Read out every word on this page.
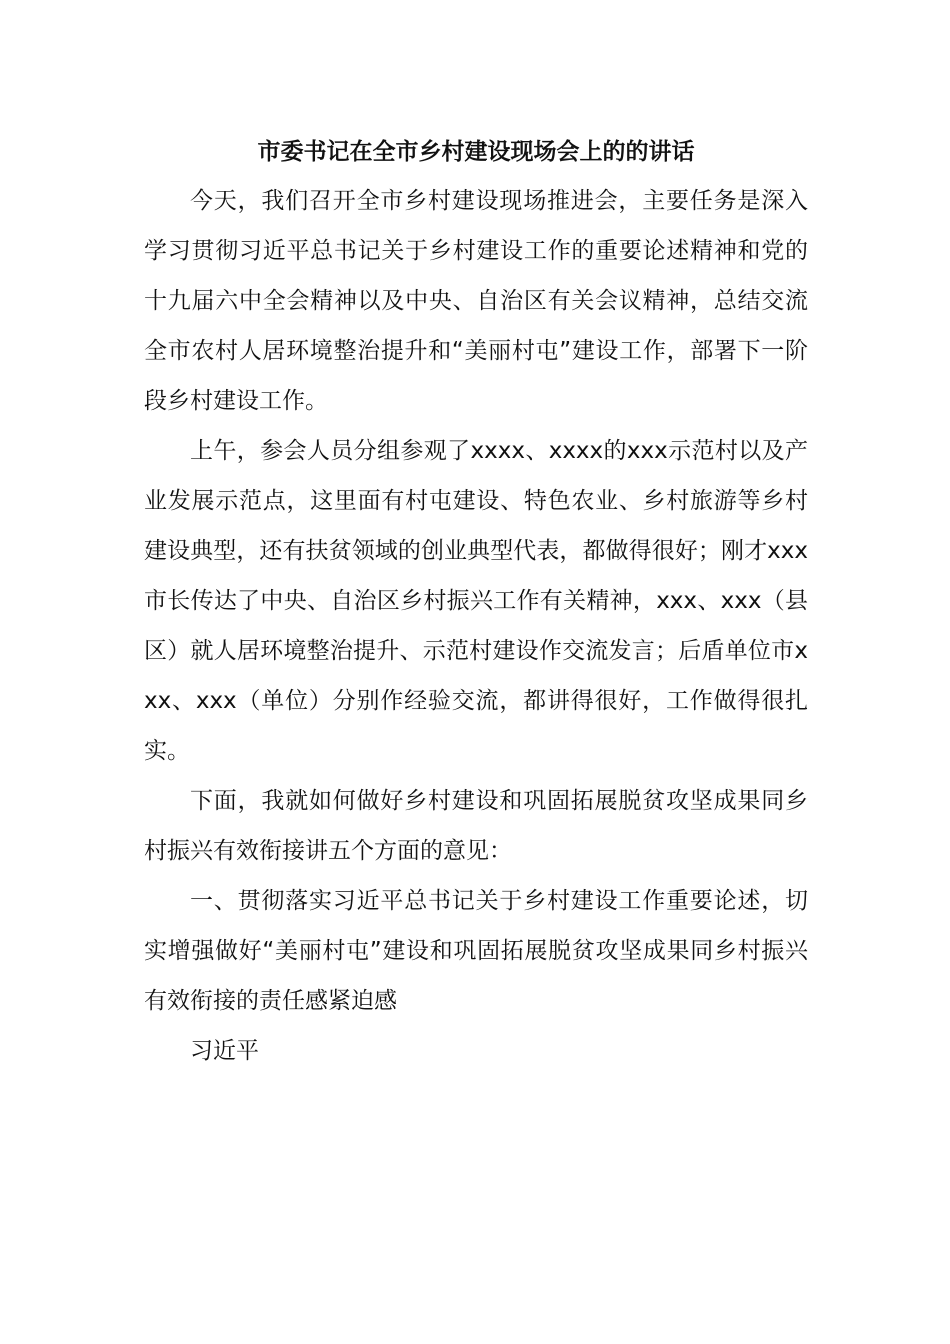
市委书记在全市乡村建设现场会上的的讲话

今天，我们召开全市乡村建设现场推进会，主要任务是深入学习贯彻习近平总书记关于乡村建设工作的重要论述精神和党的十九届六中全会精神以及中央、自治区有关会议精神，总结交流全市农村人居环境整治提升和“美丽村屯”建设工作，部署下一阶段乡村建设工作。

上午，参会人员分组参观了xxxx、xxxx的xxx示范村以及产业发展示范点，这里面有村屯建设、特色农业、乡村旅游等乡村建设典型，还有扶贫领域的创业典型代表，都做得很好；刚才xxx市长传达了中央、自治区乡村振兴工作有关精神，xxx、xxx（县区）就人居环境整治提升、示范村建设作交流发言；后盾单位市xxx、xxx（单位）分别作经验交流，都讲得很好，工作做得很扎实。

下面，我就如何做好乡村建设和巩固拓展脱贫攻坚成果同乡村振兴有效衔接讲五个方面的意见：

一、贯彻落实习近平总书记关于乡村建设工作重要论述，切实增强做好“美丽村屯”建设和巩固拓展脱贫攻坚成果同乡村振兴有效衔接的责任感紧迫感

习近平
